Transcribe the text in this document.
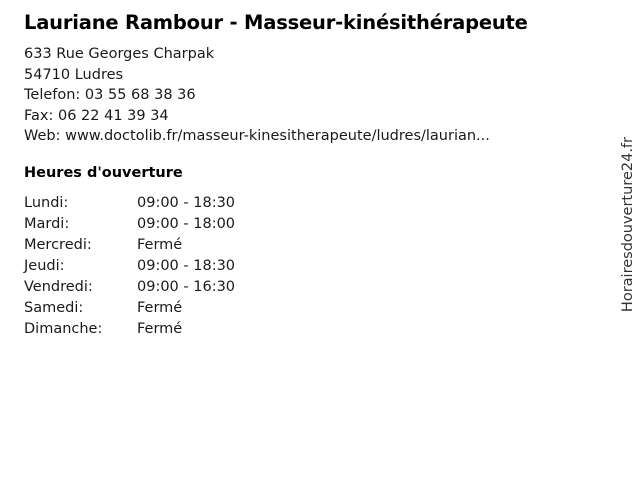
Lauriane Rambour - Masseur-kinésithérapeute
633 Rue Georges Charpak
54710 Ludres
Telefon: 03 55 68 38 36
Fax: 06 22 41 39 34
Web: www.doctolib.fr/masseur-kinesitherapeute/ludres/laurian...
Heures d'ouverture
Lundi:	09:00 - 18:30
Mardi:	09:00 - 18:00
Mercredi:	Fermé
Jeudi:	09:00 - 18:30
Vendredi:	09:00 - 16:30
Samedi:	Fermé
Dimanche:	Fermé
Horairesdouverture24.fr
